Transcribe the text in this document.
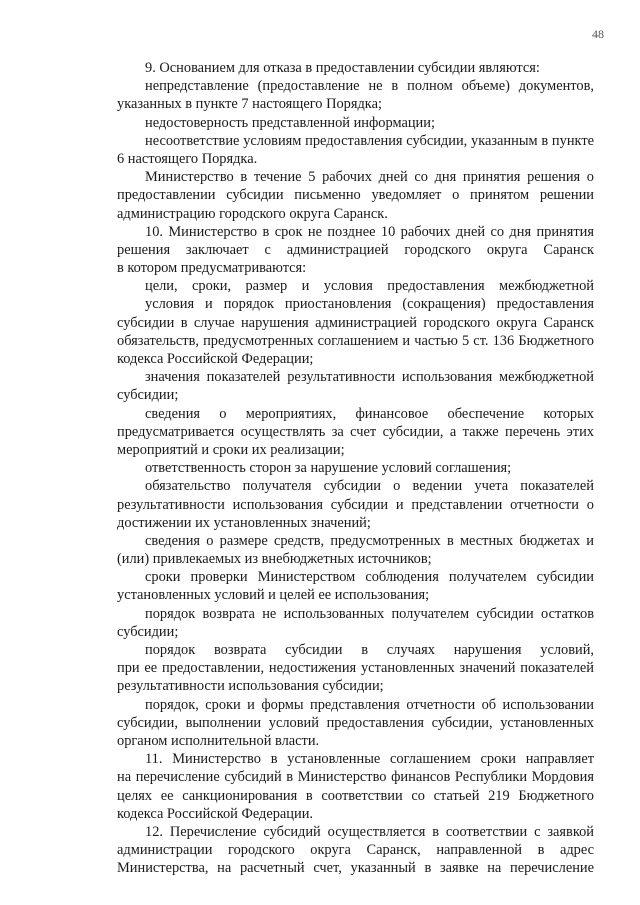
48
9. Основанием для отказа в предоставлении субсидии являются:
непредставление (предоставление не в полном объеме) документов,
указанных в пункте 7 настоящего Порядка;
недостоверность представленной информации;
несоответствие условиям предоставления субсидии, указанным в пункте
6 настоящего Порядка.
Министерство в течение 5 рабочих дней со дня принятия решения о
предоставлении субсидии письменно уведомляет о принятом решении
администрацию городского округа Саранск.
10. Министерство в срок не позднее 10 рабочих дней со дня принятия
решения заключает с администрацией городского округа Саранск
в котором предусматриваются:
цели, сроки, размер и условия предоставления межбюджетной
условия и порядок приостановления (сокращения) предоставления
субсидии в случае нарушения администрацией городского округа Саранск
обязательств, предусмотренных соглашением и частью 5 ст. 136 Бюджетного
кодекса Российской Федерации;
значения показателей результативности использования межбюджетной
субсидии;
сведения о мероприятиях, финансовое обеспечение которых
предусматривается осуществлять за счет субсидии, а также перечень этих
мероприятий и сроки их реализации;
ответственность сторон за нарушение условий соглашения;
обязательство получателя субсидии о ведении учета показателей
результативности использования субсидии и представлении отчетности о
достижении их установленных значений;
сведения о размере средств, предусмотренных в местных бюджетах и
(или) привлекаемых из внебюджетных источников;
сроки проверки Министерством соблюдения получателем субсидии
установленных условий и целей ее использования;
порядок возврата не использованных получателем субсидии остатков
субсидии;
порядок возврата субсидии в случаях нарушения условий,
при ее предоставлении, недостижения установленных значений показателей
результативности использования субсидии;
порядок, сроки и формы представления отчетности об использовании
субсидии, выполнении условий предоставления субсидии, установленных
органом исполнительной власти.
11. Министерство в установленные соглашением сроки направляет
на перечисление субсидий в Министерство финансов Республики Мордовия
целях ее санкционирования в соответствии со статьей 219 Бюджетного
кодекса Российской Федерации.
12. Перечисление субсидий осуществляется в соответствии с заявкой
администрации городского округа Саранск, направленной в адрес
Министерства, на расчетный счет, указанный в заявке на перечисление
